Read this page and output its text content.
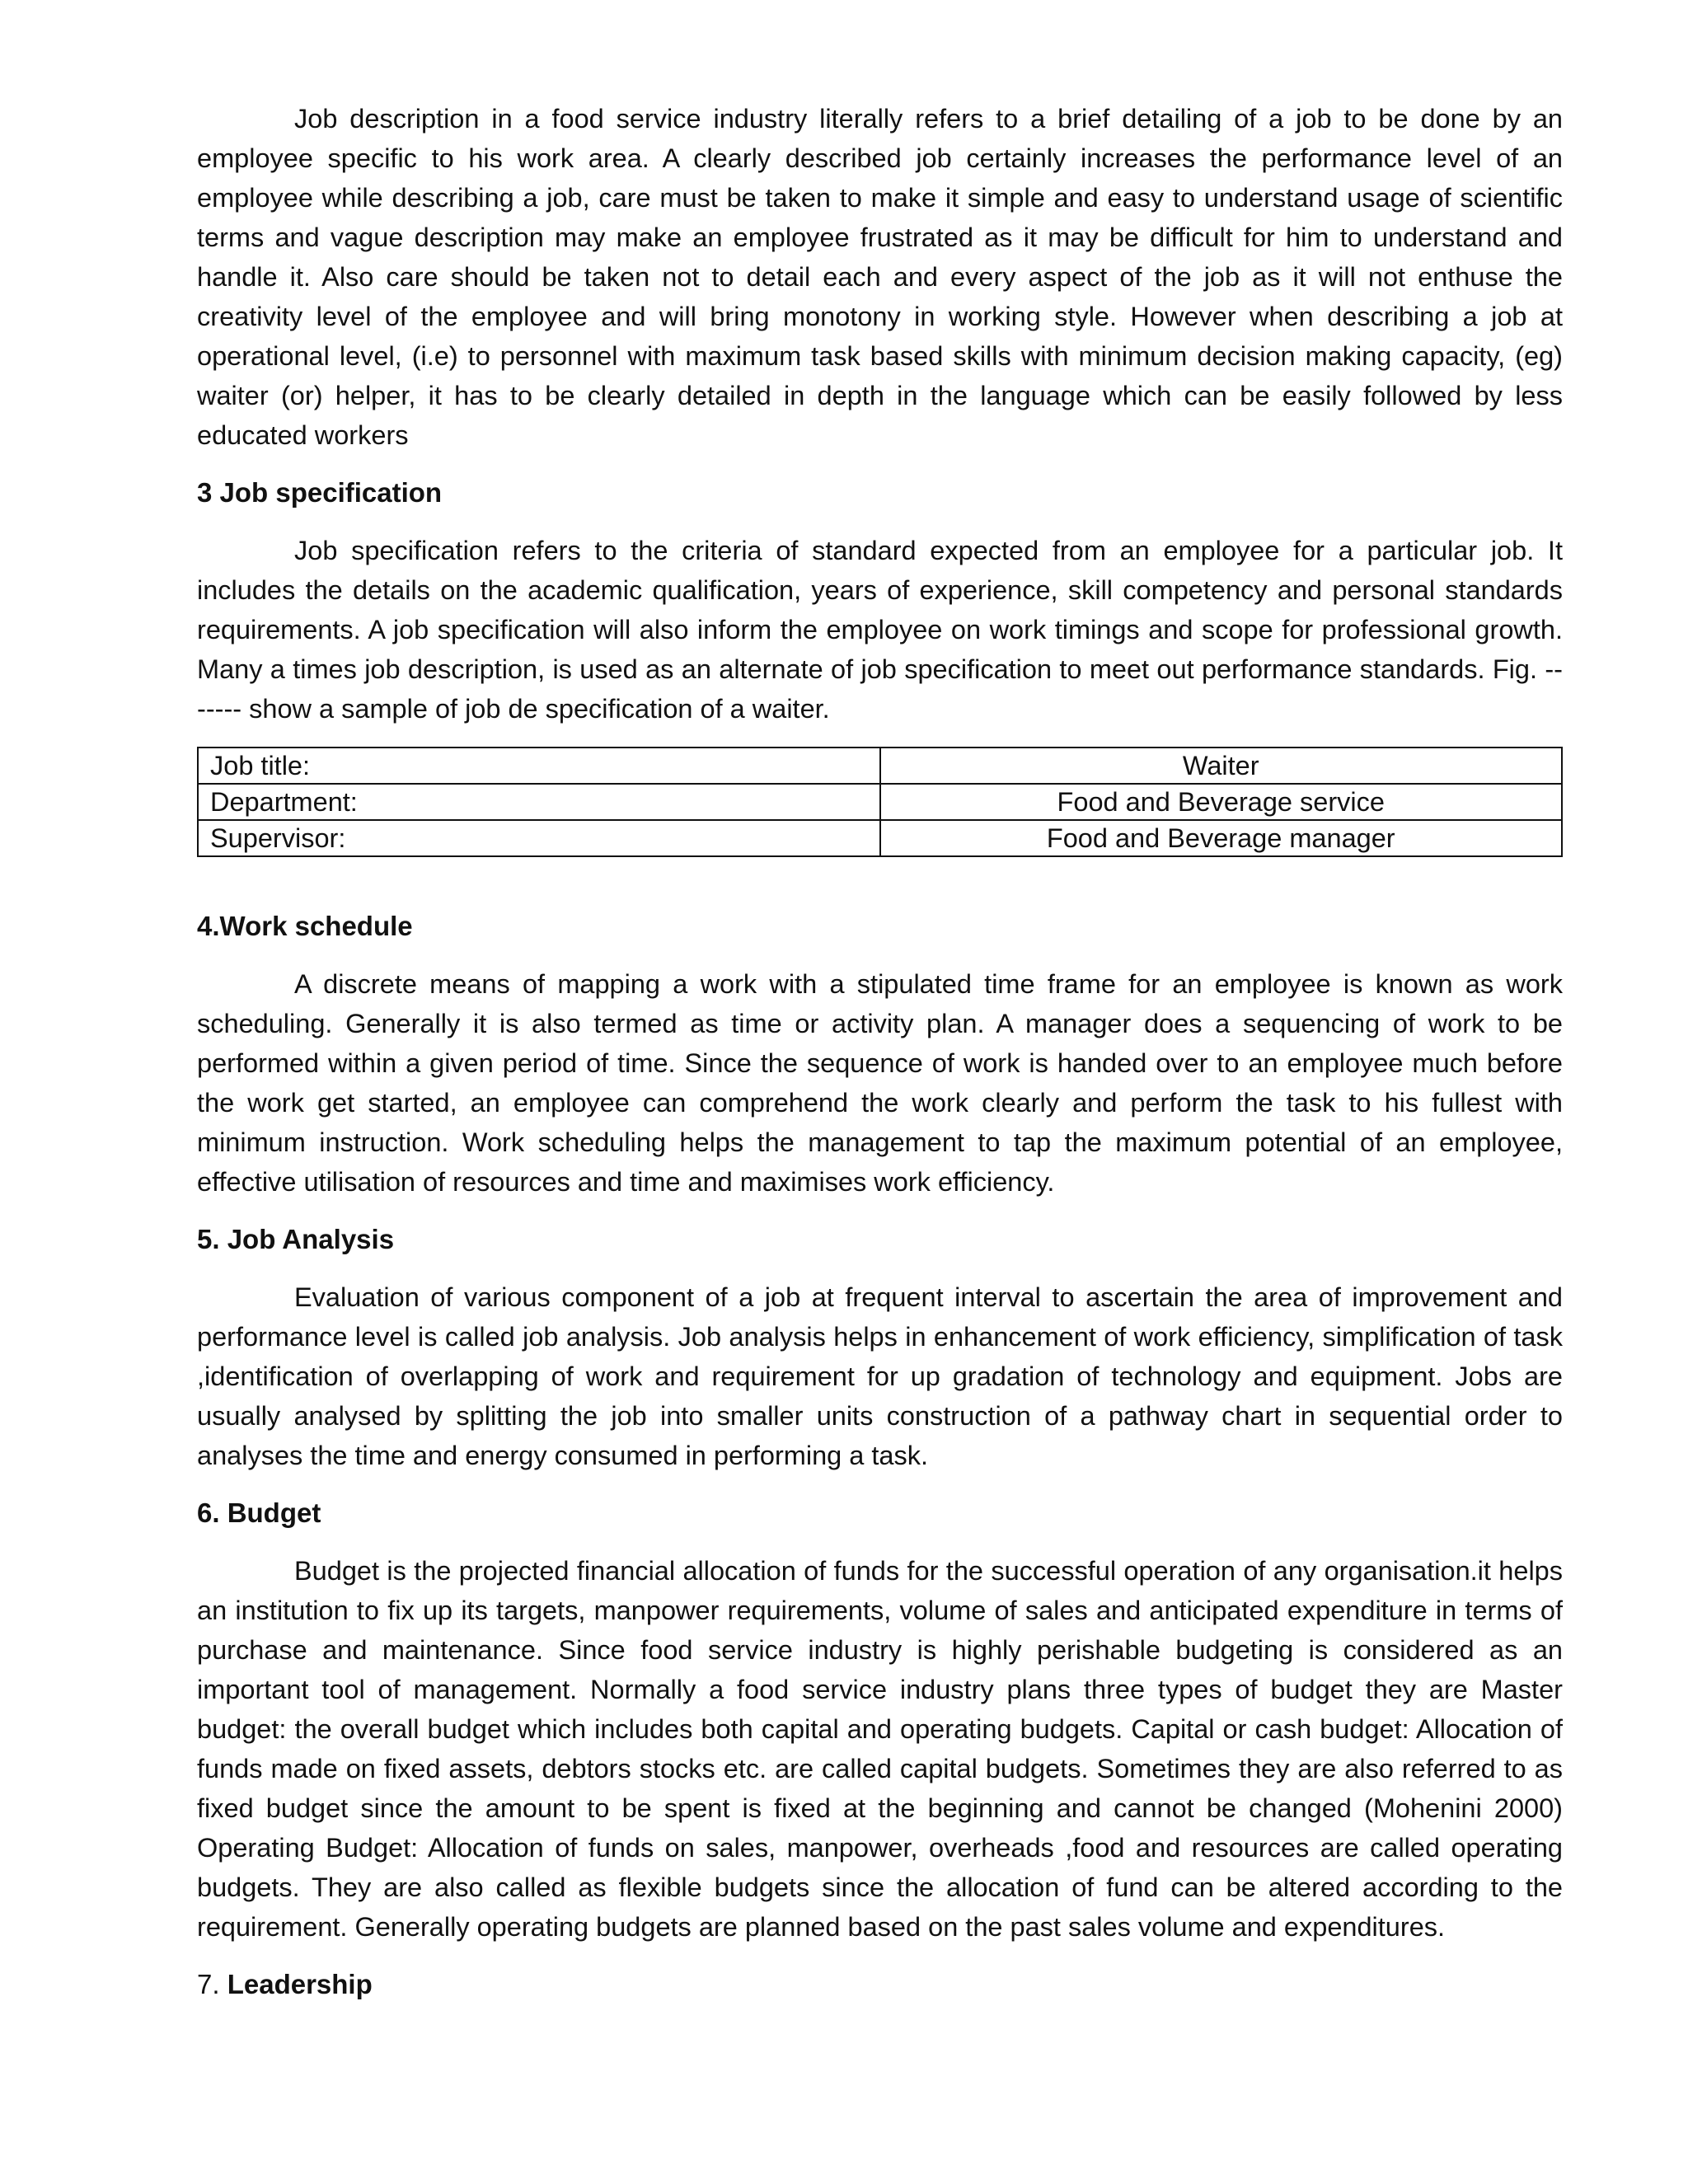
Job description in a food service industry literally refers to a brief detailing of a job to be done by an employee specific to his work area. A clearly described job certainly increases the performance level of an employee while describing a job, care must be taken to make it simple and easy to understand usage of scientific terms and vague description may make an employee frustrated as it may be difficult for him to understand and handle it. Also care should be taken not to detail each and every aspect of the job as it will not enthuse the creativity level of the employee and will bring monotony in working style. However when describing a job at operational level, (i.e) to personnel with maximum task based skills with minimum decision making capacity, (eg) waiter (or) helper, it has to be clearly detailed in depth in the language which can be easily followed by less educated workers

3 Job specification

Job specification refers to the criteria of standard expected from an employee for a particular job. It includes the details on the academic qualification, years of experience, skill competency and personal standards requirements. A job specification will also inform the employee on work timings and scope for professional growth. Many a times job description, is used as an alternate of job specification to meet out performance standards. Fig. ------- show a sample of job de specification of a waiter.

Job title:	Waiter
Department:	Food and Beverage service
Supervisor:	Food and Beverage manager
4.Work schedule

A discrete means of mapping a work with a stipulated time frame for an employee is known as work scheduling. Generally it is also termed as time or activity plan. A manager does a sequencing of work to be performed within a given period of time. Since the sequence of work is handed over to an employee much before the work get started, an employee can comprehend the work clearly and perform the task to his fullest with minimum instruction. Work scheduling helps the management to tap the maximum potential of an employee, effective utilisation of resources and time and maximises work efficiency.

5. Job Analysis

Evaluation of various component of a job at frequent interval to ascertain the area of improvement and performance level is called job analysis. Job analysis helps in enhancement of work efficiency, simplification of task ,identification of overlapping of work and requirement for up gradation of technology and equipment. Jobs are usually analysed by splitting the job into smaller units construction of a pathway chart in sequential order to analyses the time and energy consumed in performing a task.

6. Budget

Budget is the projected financial allocation of funds for the successful operation of any organisation.it helps an institution to fix up its targets, manpower requirements, volume of sales and anticipated expenditure in terms of purchase and maintenance. Since food service industry is highly perishable budgeting is considered as an important tool of management. Normally a food service industry plans three types of budget they are Master budget: the overall budget which includes both capital and operating budgets. Capital or cash budget: Allocation of funds made on fixed assets, debtors stocks etc. are called capital budgets. Sometimes they are also referred to as fixed budget since the amount to be spent is fixed at the beginning and cannot be changed (Mohenini 2000) Operating Budget: Allocation of funds on sales, manpower, overheads ,food and resources are called operating budgets. They are also called as flexible budgets since the allocation of fund can be altered according to the requirement. Generally operating budgets are planned based on the past sales volume and expenditures.

7. Leadership
